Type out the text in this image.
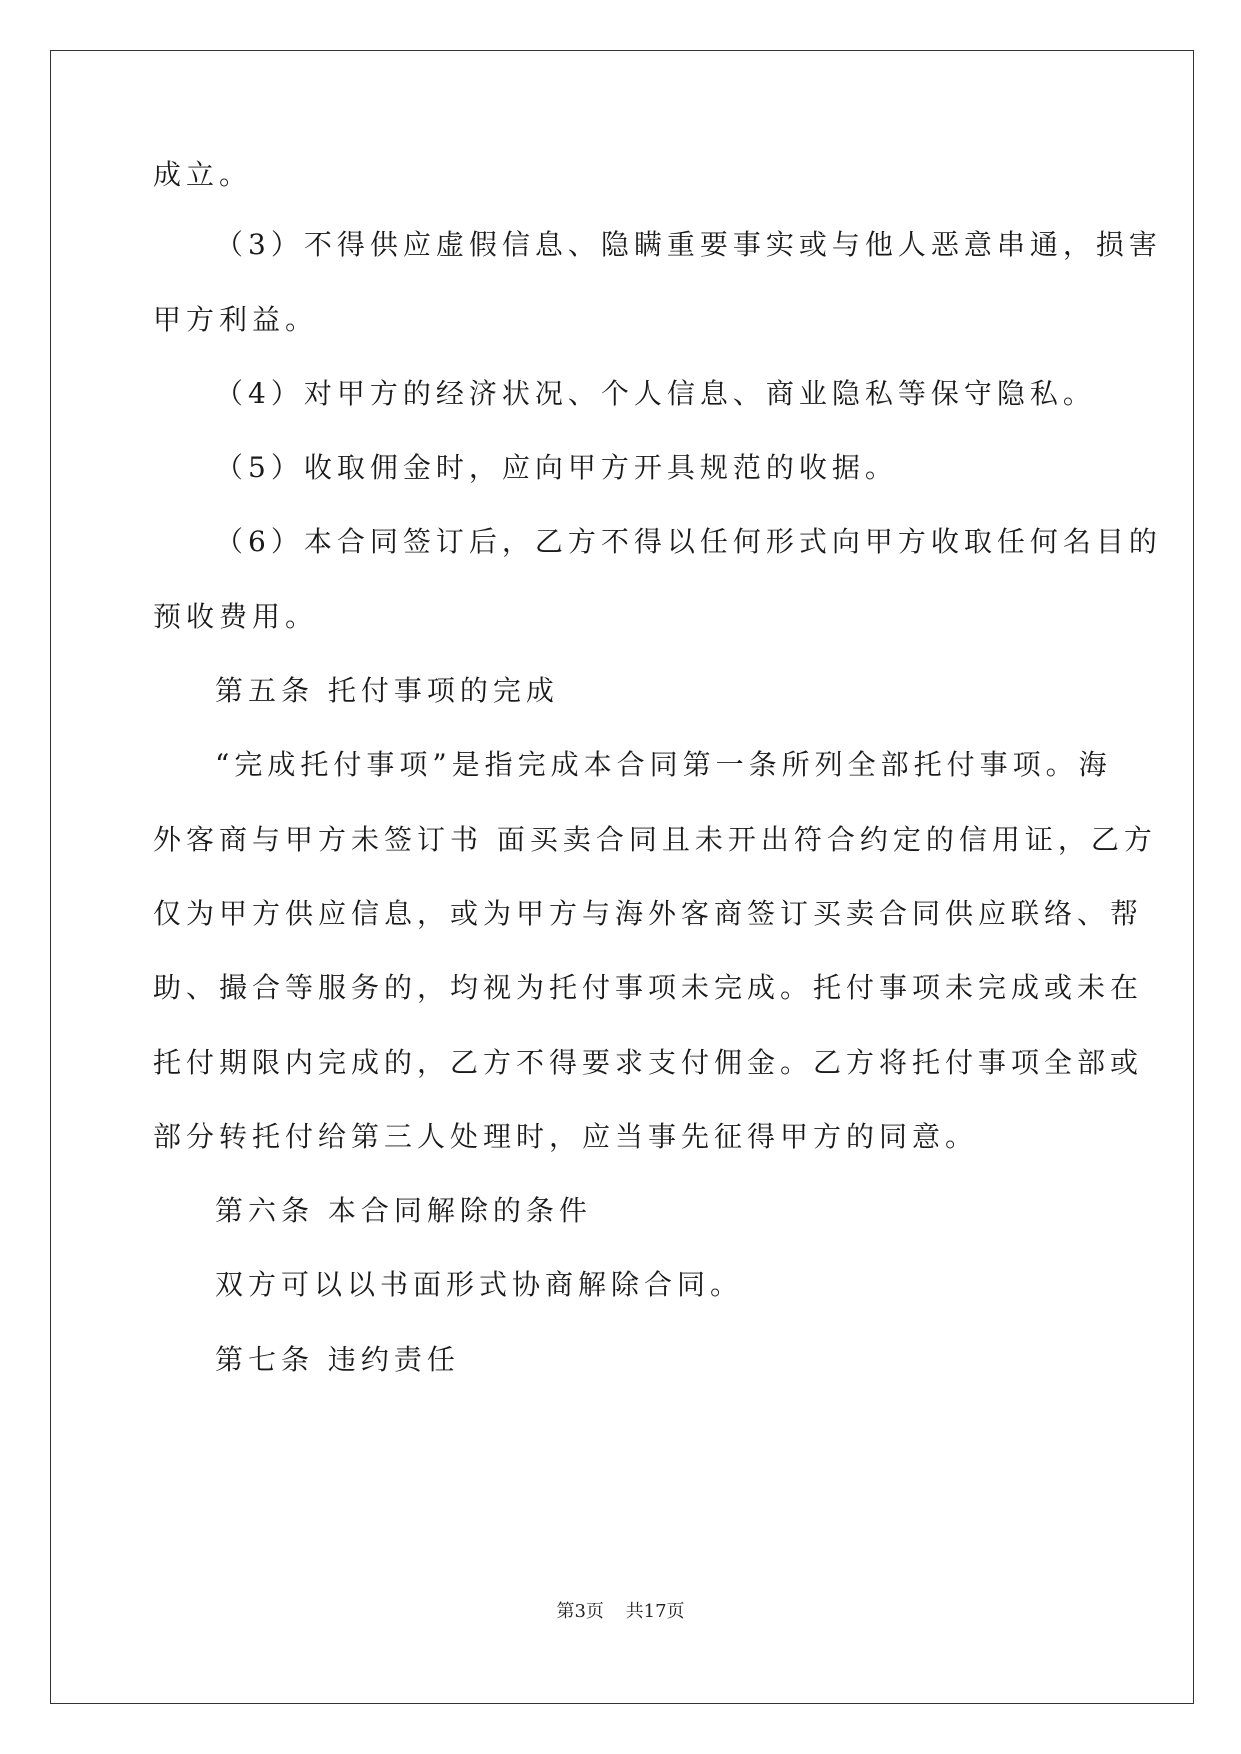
成立。
（3）不得供应虚假信息、隐瞒重要事实或与他人恶意串通，损害
甲方利益。
（4）对甲方的经济状况、个人信息、商业隐私等保守隐私。
（5）收取佣金时，应向甲方开具规范的收据。
（6）本合同签订后，乙方不得以任何形式向甲方收取任何名目的
预收费用。
第五条 托付事项的完成
“完成托付事项”是指完成本合同第一条所列全部托付事项。海
外客商与甲方未签订书 面买卖合同且未开出符合约定的信用证，乙方
仅为甲方供应信息，或为甲方与海外客商签订买卖合同供应联络、帮
助、撮合等服务的，均视为托付事项未完成。托付事项未完成或未在
托付期限内完成的，乙方不得要求支付佣金。乙方将托付事项全部或
部分转托付给第三人处理时，应当事先征得甲方的同意。
第六条 本合同解除的条件
双方可以以书面形式协商解除合同。
第七条 违约责任
第3页 共17页
